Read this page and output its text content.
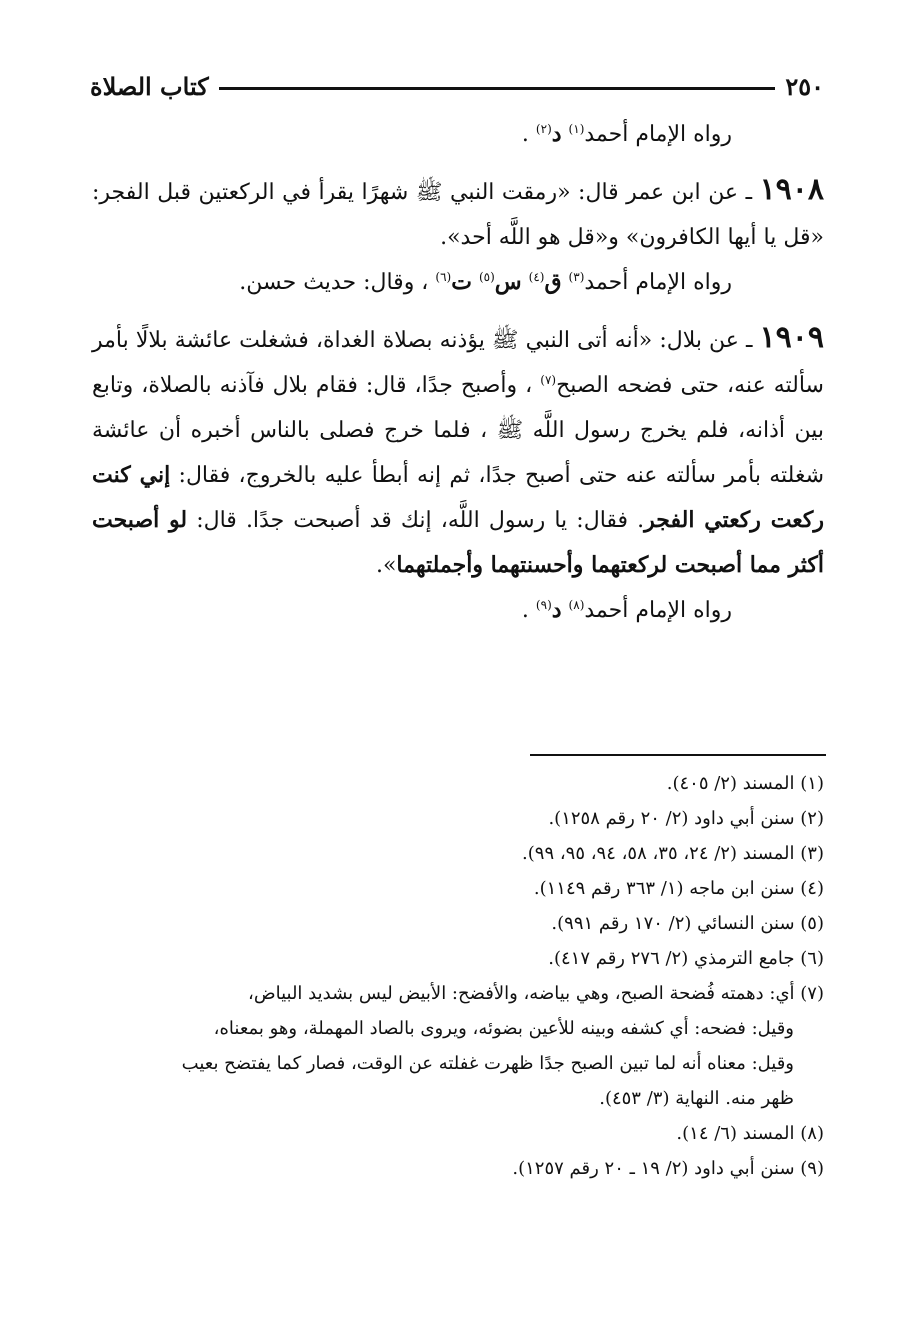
٢٥٠
كتاب الصلاة

رواه الإمام أحمد$^{(١)}$ د$^{(٢)}$ .

١٩٠٨ ـ عن ابن عمر قال: «رمقت النبي ﷺ شهرًا يقرأ في الركعتين قبل الفجر: «قل يا أيها الكافرون» و«قل هو اللَّه أحد».

رواه الإمام أحمد$^{(٣)}$ ق$^{(٤)}$ س$^{(٥)}$ ت$^{(٦)}$ ، وقال: حديث حسن.

١٩٠٩ ـ عن بلال: «أنه أتى النبي ﷺ يؤذنه بصلاة الغداة، فشغلت عائشة بلالًا بأمر سألته عنه، حتى فضحه الصبح$^{(٧)}$ ، وأصبح جدًا، قال: فقام بلال فآذنه بالصلاة، وتابع بين أذانه، فلم يخرج رسول اللَّه ﷺ ، فلما خرج فصلى بالناس أخبره أن عائشة شغلته بأمر سألته عنه حتى أصبح جدًا، ثم إنه أبطأ عليه بالخروج، فقال: إني كنت ركعت ركعتي الفجر. فقال: يا رسول اللَّه، إنك قد أصبحت جدًا. قال: لو أصبحت أكثر مما أصبحت لركعتهما وأحسنتهما وأجملتهما».

رواه الإمام أحمد$^{(٨)}$ د$^{(٩)}$ .

(١) المسند (٢/ ٤٠٥).

(٢) سنن أبي داود (٢/ ٢٠ رقم ١٢٥٨).

(٣) المسند (٢/ ٢٤، ٣٥، ٥٨، ٩٤، ٩٥، ٩٩).

(٤) سنن ابن ماجه (١/ ٣٦٣ رقم ١١٤٩).

(٥) سنن النسائي (٢/ ١٧٠ رقم ٩٩١).

(٦) جامع الترمذي (٢/ ٢٧٦ رقم ٤١٧).

(٧) أي: دهمته فُضحة الصبح، وهي بياضه، والأفضح: الأبيض ليس بشديد البياض،

وقيل: فضحه: أي كشفه وبينه للأعين بضوئه، ويروى بالصاد المهملة، وهو بمعناه،

وقيل: معناه أنه لما تبين الصبح جدًا ظهرت غفلته عن الوقت، فصار كما يفتضح بعيب

ظهر منه. النهاية (٣/ ٤٥٣).

(٨) المسند (٦/ ١٤).

(٩) سنن أبي داود (٢/ ١٩ ـ ٢٠ رقم ١٢٥٧).
